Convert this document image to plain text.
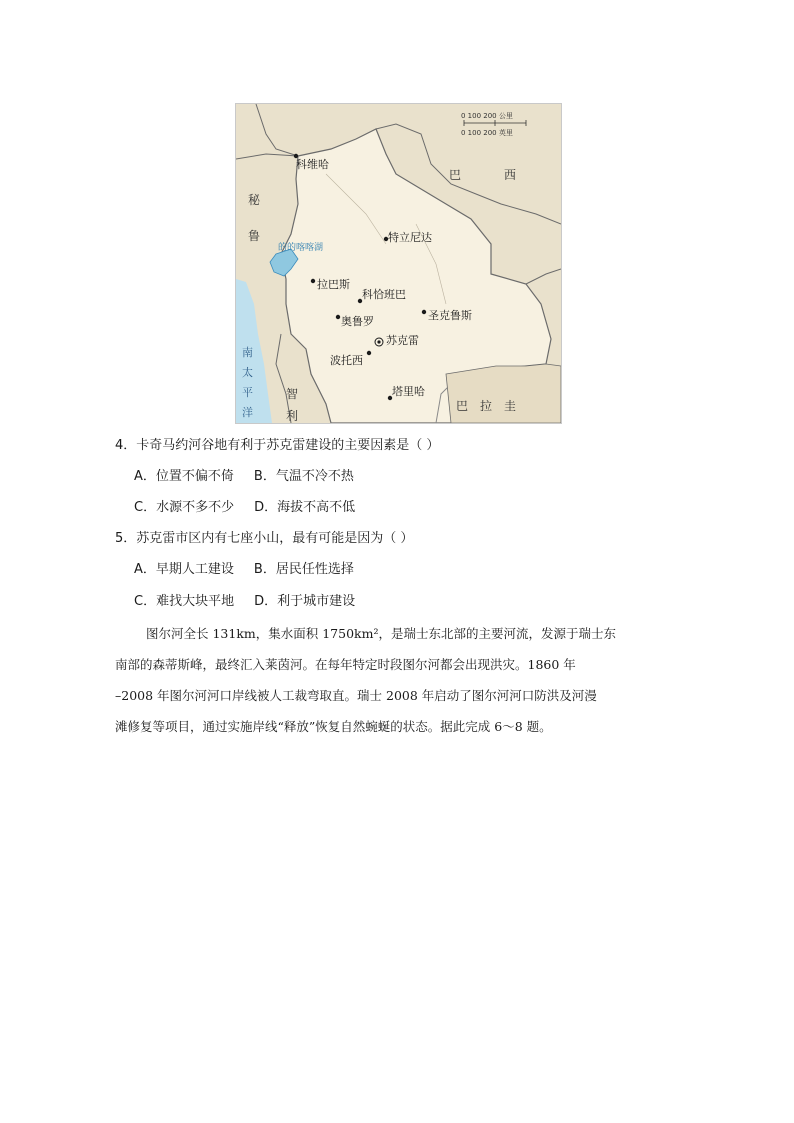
0 100 200 公里
0 100 200 英里
巴	西
秘
鲁
智
利
巴 拉 圭
南
太
平
洋
的的喀喀湖
科维哈
特立尼达
拉巴斯
科恰班巴
圣克鲁斯
奥鲁罗
苏克雷
波托西
塔里哈
4．卡奇马约河谷地有利于苏克雷建设的主要因素是（ ）
A．位置不偏不倚 B．气温不冷不热
C．水源不多不少 D．海拔不高不低
5．苏克雷市区内有七座小山，最有可能是因为（ ）
A．早期人工建设 B．居民任性选择
C．难找大块平地 D．利于城市建设
图尔河全长 131km，集水面积 1750km²，是瑞士东北部的主要河流，发源于瑞士东
南部的森蒂斯峰，最终汇入莱茵河。在每年特定时段图尔河都会出现洪灾。1860 年
–2008 年图尔河河口岸线被人工裁弯取直。瑞士 2008 年启动了图尔河河口防洪及河漫
滩修复等项目，通过实施岸线“释放”恢复自然蜿蜒的状态。据此完成 6～8 题。
